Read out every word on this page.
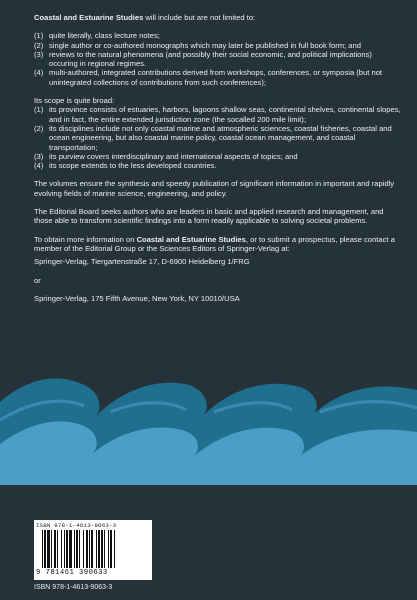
Coastal and Estuarine Studies will include but are not limited to:

(1) quite literally, class lecture notes;
(2) single author or co-authored monographs which may later be published in full book form; and
(3) reviews to the natural phenomena (and possibly their social economic, and political implications) occuring in regional regimes.
(4) multi-authored, integrated contributions derived from workshops, conferences, or symposia (but not unintegrated collections of contributions from such conferences);

Its scope is quite broad:

(1) its province consists of estuaries, harbors, lagoons shallow seas, continental shelves, continental slopes, and in fact, the entire extended jurisdiction zone (the socalled 200 mile limit);
(2) its disciplines include not only coastal marine and atmospheric sciences, coastal fisheries, coastal and ocean engineering, but also coastal marine policy, coastal ocean management, and coastal transportation;
(3) its purview covers interdisciplinary and international aspects of topics; and
(4) its scope extends to the less developed countries.

The volumes ensure the synthesis and speedy publication of significant information in important and rapidly evolving fields of marine science, engineering, and policy.

The Editorial Board seeks authors who are leaders in basic and applied research and management, and those able to transform scientific findings into a form readily applicable to solving societal problems.

To obtain more information on Coastal and Estuarine Studies, or to submit a prospectus, please contact a member of the Editorial Group or the Sciences Editors of Springer-Verlag at:

Springer-Verlag, Tiergartenstraße 17, D-6900 Heidelberg 1/FRG

or

Springer-Verlag, 175 Fifth Avenue, New York, NY 10010/USA

ISBN 978-1-4613-9063-3
9 781461 390633
ISBN 978-1-4613-9063-3
